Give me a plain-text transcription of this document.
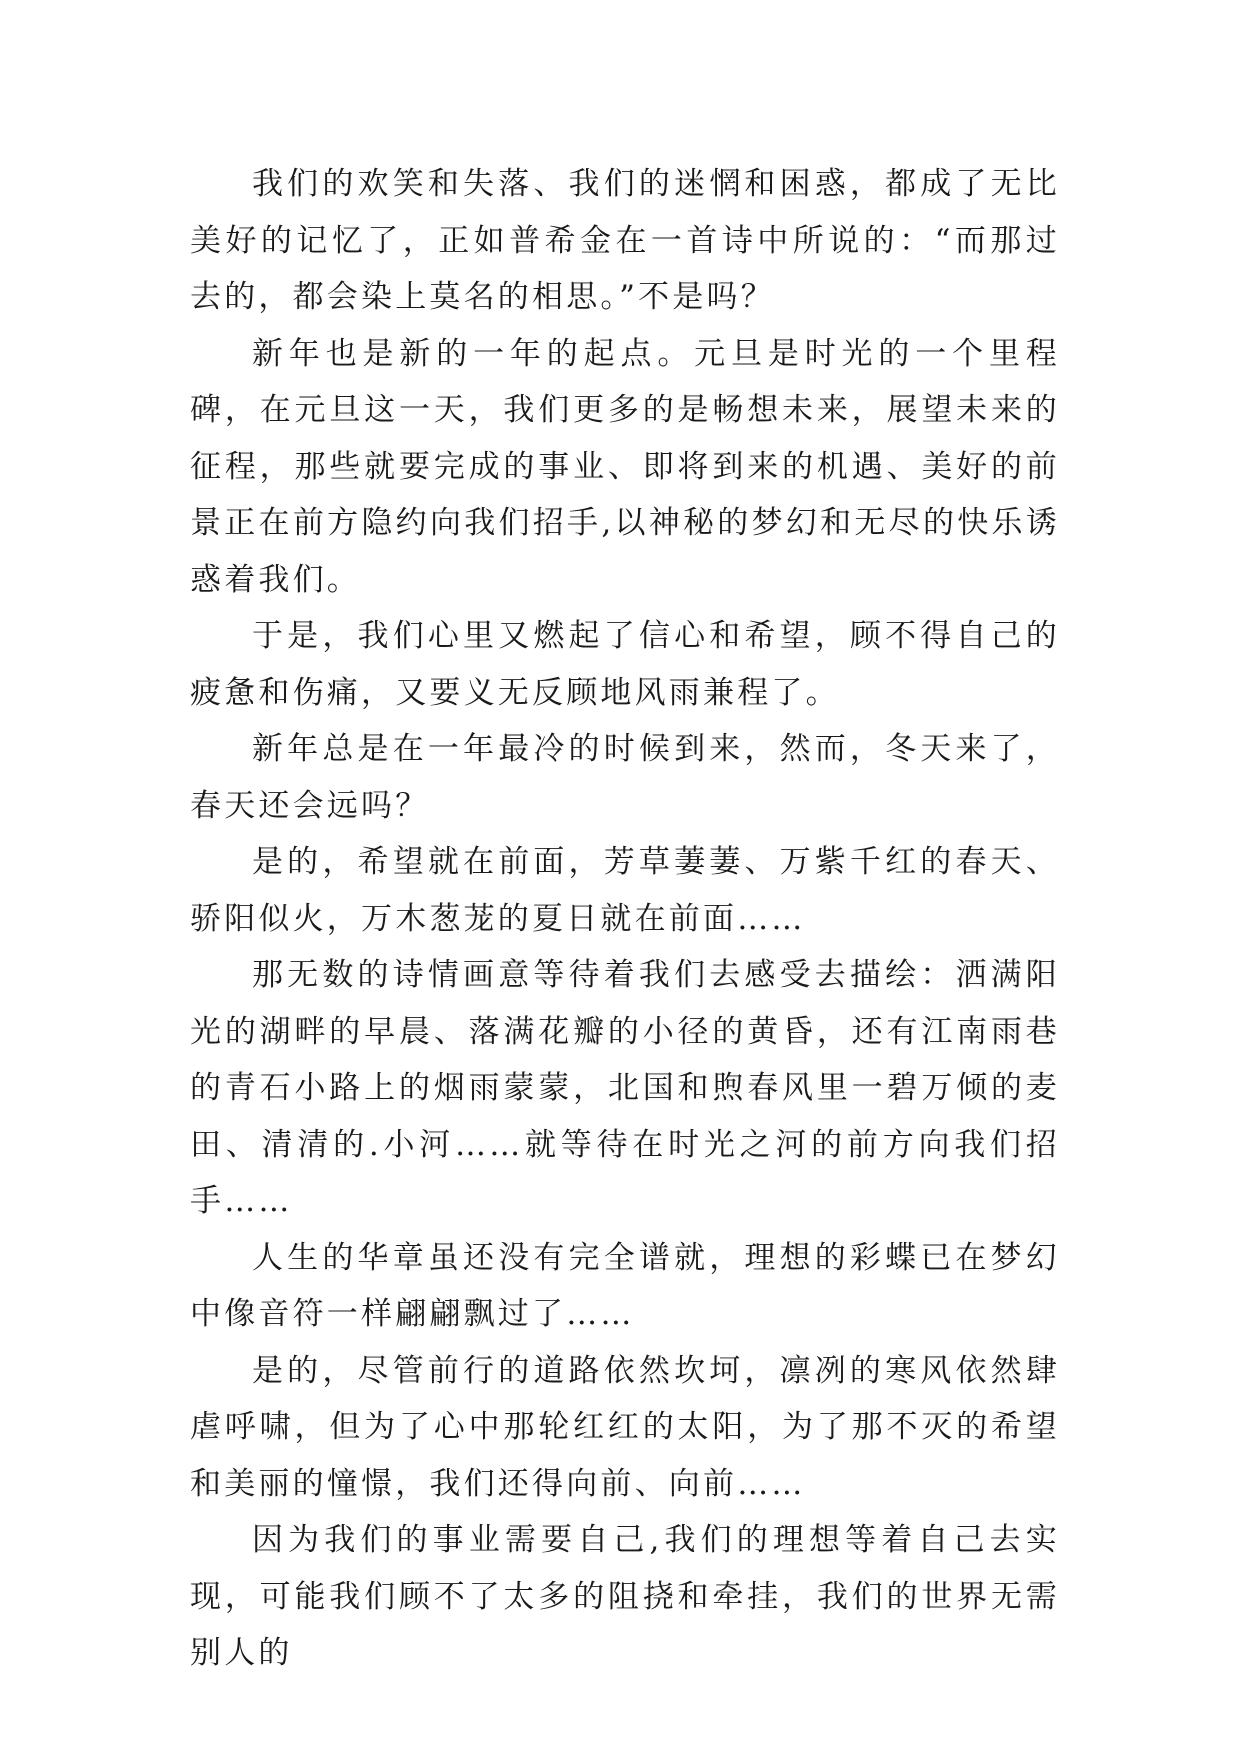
我们的欢笑和失落、我们的迷惘和困惑，都成了无比美好的记忆了，正如普希金在一首诗中所说的：“而那过去的，都会染上莫名的相思。”不是吗？

新年也是新的一年的起点。元旦是时光的一个里程碑，在元旦这一天，我们更多的是畅想未来，展望未来的征程，那些就要完成的事业、即将到来的机遇、美好的前景正在前方隐约向我们招手,以神秘的梦幻和无尽的快乐诱惑着我们。

于是，我们心里又燃起了信心和希望，顾不得自己的疲惫和伤痛，又要义无反顾地风雨兼程了。

新年总是在一年最冷的时候到来，然而，冬天来了，春天还会远吗？

是的，希望就在前面，芳草萋萋、万紫千红的春天、骄阳似火，万木葱茏的夏日就在前面……

那无数的诗情画意等待着我们去感受去描绘：洒满阳光的湖畔的早晨、落满花瓣的小径的黄昏，还有江南雨巷的青石小路上的烟雨蒙蒙，北国和煦春风里一碧万倾的麦田、清清的.小河……就等待在时光之河的前方向我们招手……

人生的华章虽还没有完全谱就，理想的彩蝶已在梦幻中像音符一样翩翩飘过了……

是的，尽管前行的道路依然坎坷，凛冽的寒风依然肆虐呼啸，但为了心中那轮红红的太阳，为了那不灭的希望和美丽的憧憬，我们还得向前、向前……

因为我们的事业需要自己,我们的理想等着自己去实现，可能我们顾不了太多的阻挠和牵挂，我们的世界无需别人的
